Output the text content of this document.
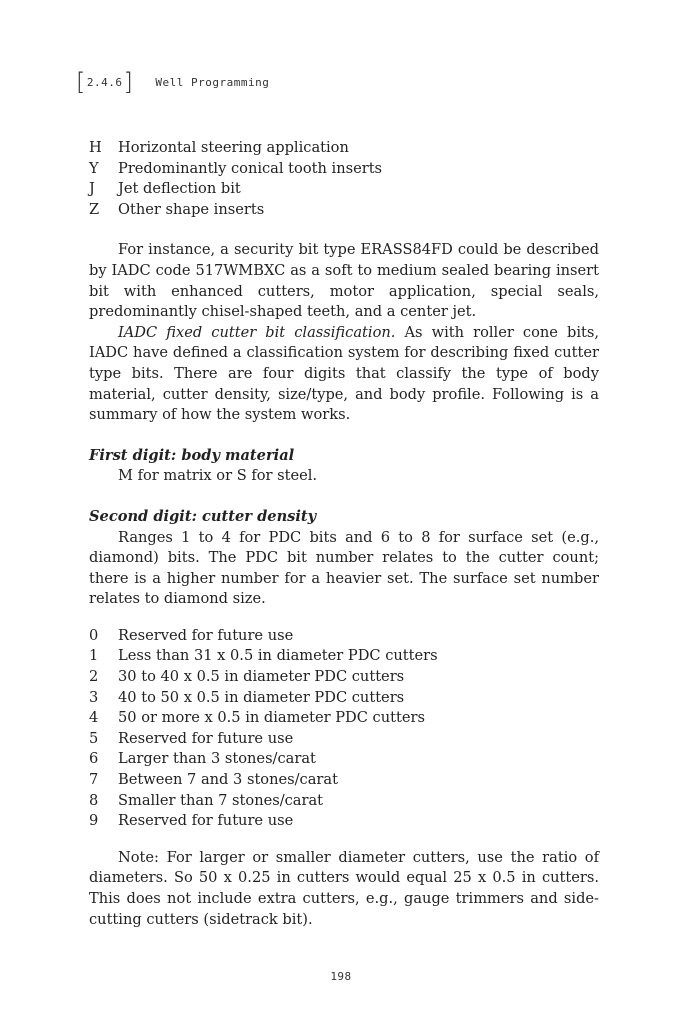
[ 2.4.6 ] Well Programming
H	Horizontal steering application
Y	Predominantly conical tooth inserts
J	Jet deflection bit
Z	Other shape inserts

For instance, a security bit type ERASS84FD could be described by IADC code 517WMBXC as a soft to medium sealed bearing insert bit with enhanced cutters, motor application, special seals, predominantly chisel-shaped teeth, and a center jet.

IADC fixed cutter bit classification. As with roller cone bits, IADC have defined a classification system for describing fixed cutter type bits. There are four digits that classify the type of body material, cutter density, size/type, and body profile. Following is a summary of how the system works.

First digit: body material

M for matrix or S for steel.

Second digit: cutter density

Ranges 1 to 4 for PDC bits and 6 to 8 for surface set (e.g., diamond) bits. The PDC bit number relates to the cutter count; there is a higher number for a heavier set. The surface set number relates to diamond size.

0	Reserved for future use
1	Less than 31 x 0.5 in diameter PDC cutters
2	30 to 40 x 0.5 in diameter PDC cutters
3	40 to 50 x 0.5 in diameter PDC cutters
4	50 or more x 0.5 in diameter PDC cutters
5	Reserved for future use
6	Larger than 3 stones/carat
7	Between 7 and 3 stones/carat
8	Smaller than 7 stones/carat
9	Reserved for future use

Note: For larger or smaller diameter cutters, use the ratio of diameters. So 50 x 0.25 in cutters would equal 25 x 0.5 in cutters. This does not include extra cutters, e.g., gauge trimmers and side-cutting cutters (sidetrack bit).

198
